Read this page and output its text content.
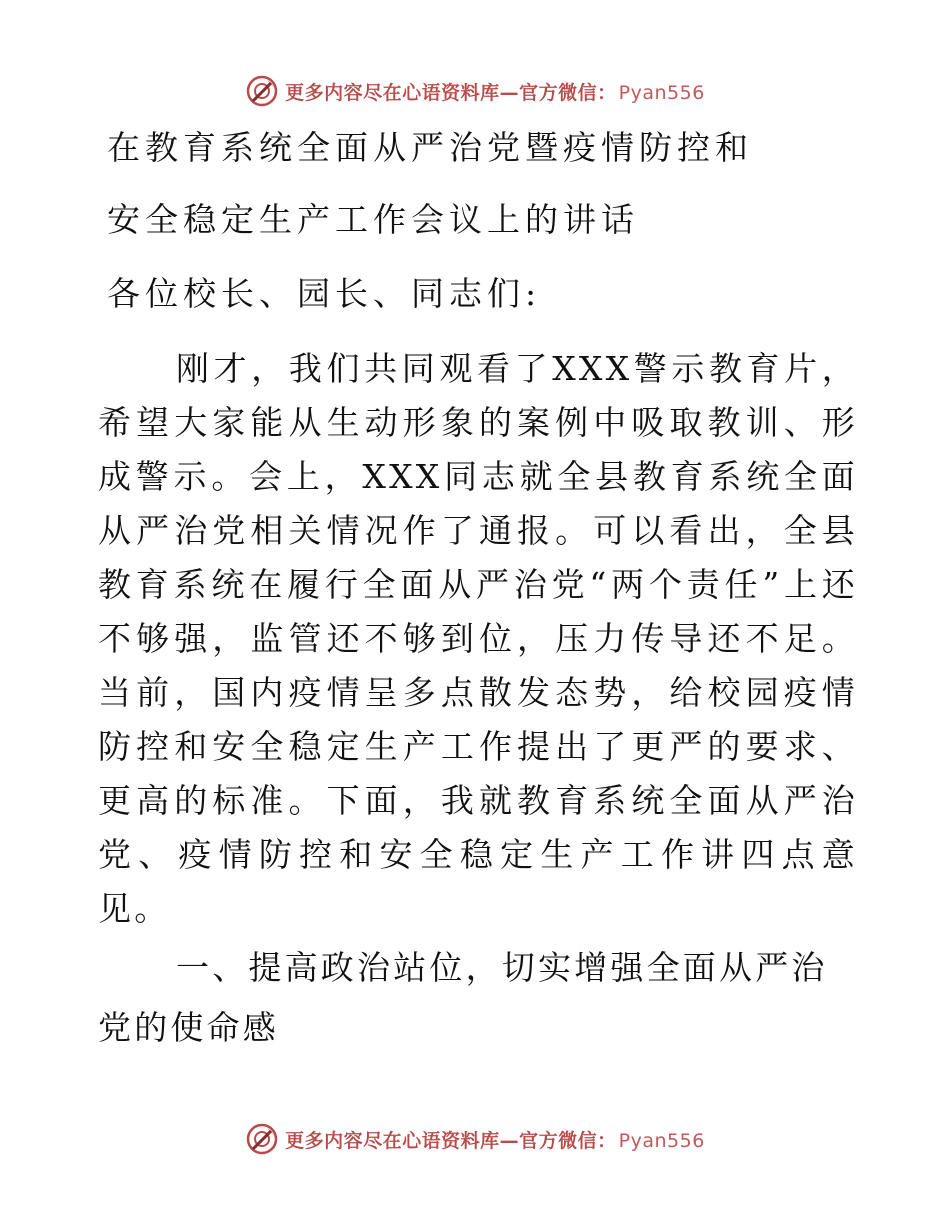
更多内容尽在心语资料库—官方微信： Pyan556
在教育系统全面从严治党暨疫情防控和
安全稳定生产工作会议上的讲话
各位校长、园长、同志们:
刚才，我们共同观看了XXX警示教育片，希望大家能从生动形象的案例中吸取教训、形成警示。会上，XXX同志就全县教育系统全面从严治党相关情况作了通报。可以看出，全县教育系统在履行全面从严治党“两个责任”上还不够强，监管还不够到位，压力传导还不足。当前，国内疫情呈多点散发态势，给校园疫情防控和安全稳定生产工作提出了更严的要求、更高的标准。下面，我就教育系统全面从严治党、疫情防控和安全稳定生产工作讲四点意见。
一、提高政治站位，切实增强全面从严治党的使命感
更多内容尽在心语资料库—官方微信： Pyan556
